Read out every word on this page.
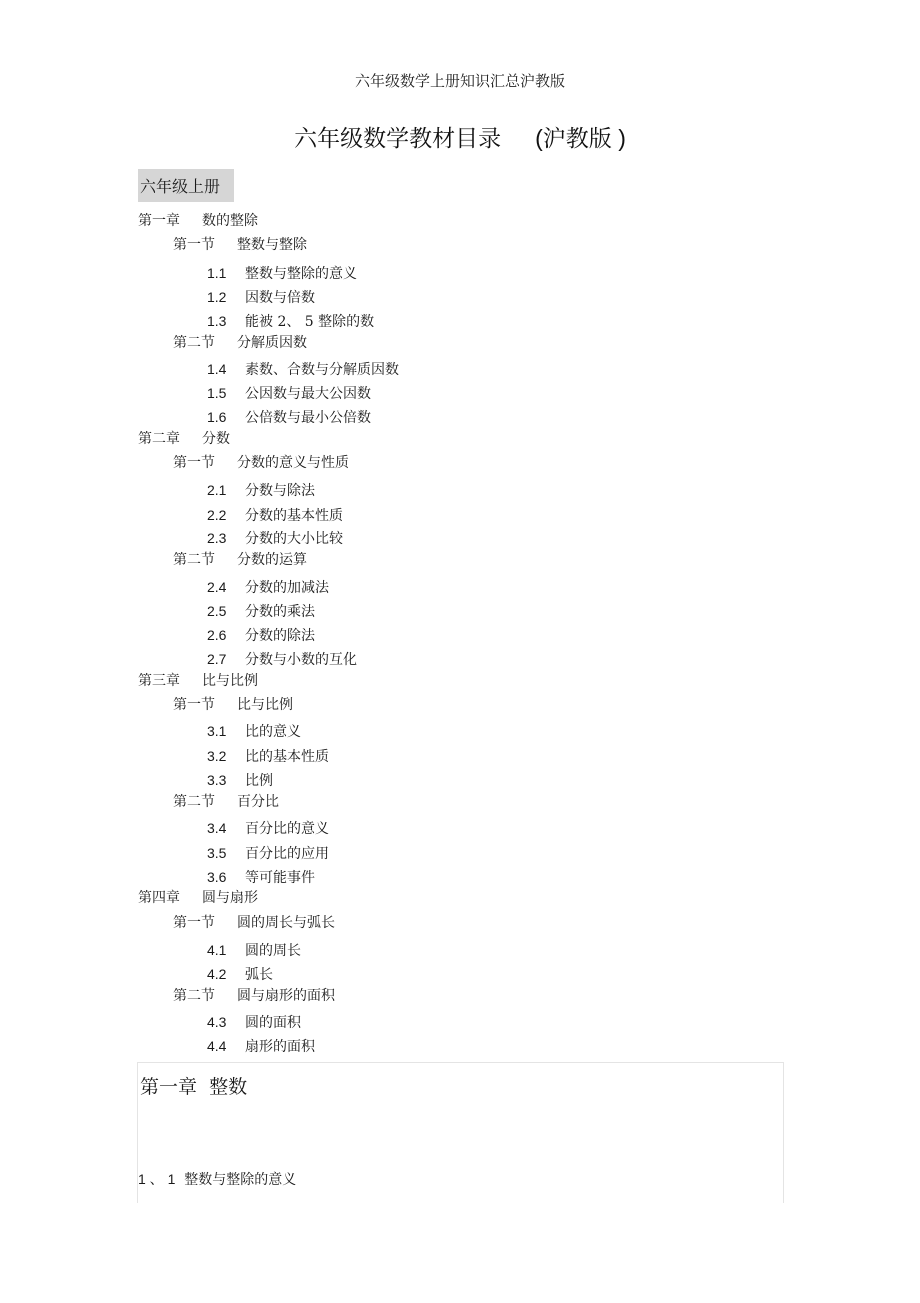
六年级数学上册知识汇总沪教版
六年级数学教材目录 (沪教版 )
六年级上册
第一章 数的整除
第一节 整数与整除
1.1 整数与整除的意义
1.2 因数与倍数
1.3 能被 2、 5 整除的数
第二节 分解质因数
1.4 素数、合数与分解质因数
1.5 公因数与最大公因数
1.6 公倍数与最小公倍数
第二章 分数
第一节 分数的意义与性质
2.1 分数与除法
2.2 分数的基本性质
2.3 分数的大小比较
第二节 分数的运算
2.4 分数的加减法
2.5 分数的乘法
2.6 分数的除法
2.7 分数与小数的互化
第三章 比与比例
第一节 比与比例
3.1 比的意义
3.2 比的基本性质
3.3 比例
第二节 百分比
3.4 百分比的意义
3.5 百分比的应用
3.6 等可能事件
第四章 圆与扇形
第一节 圆的周长与弧长
4.1 圆的周长
4.2 弧长
第二节 圆与扇形的面积
4.3 圆的面积
4.4 扇形的面积
第一章  整数
1 、 1 整数与整除的意义
